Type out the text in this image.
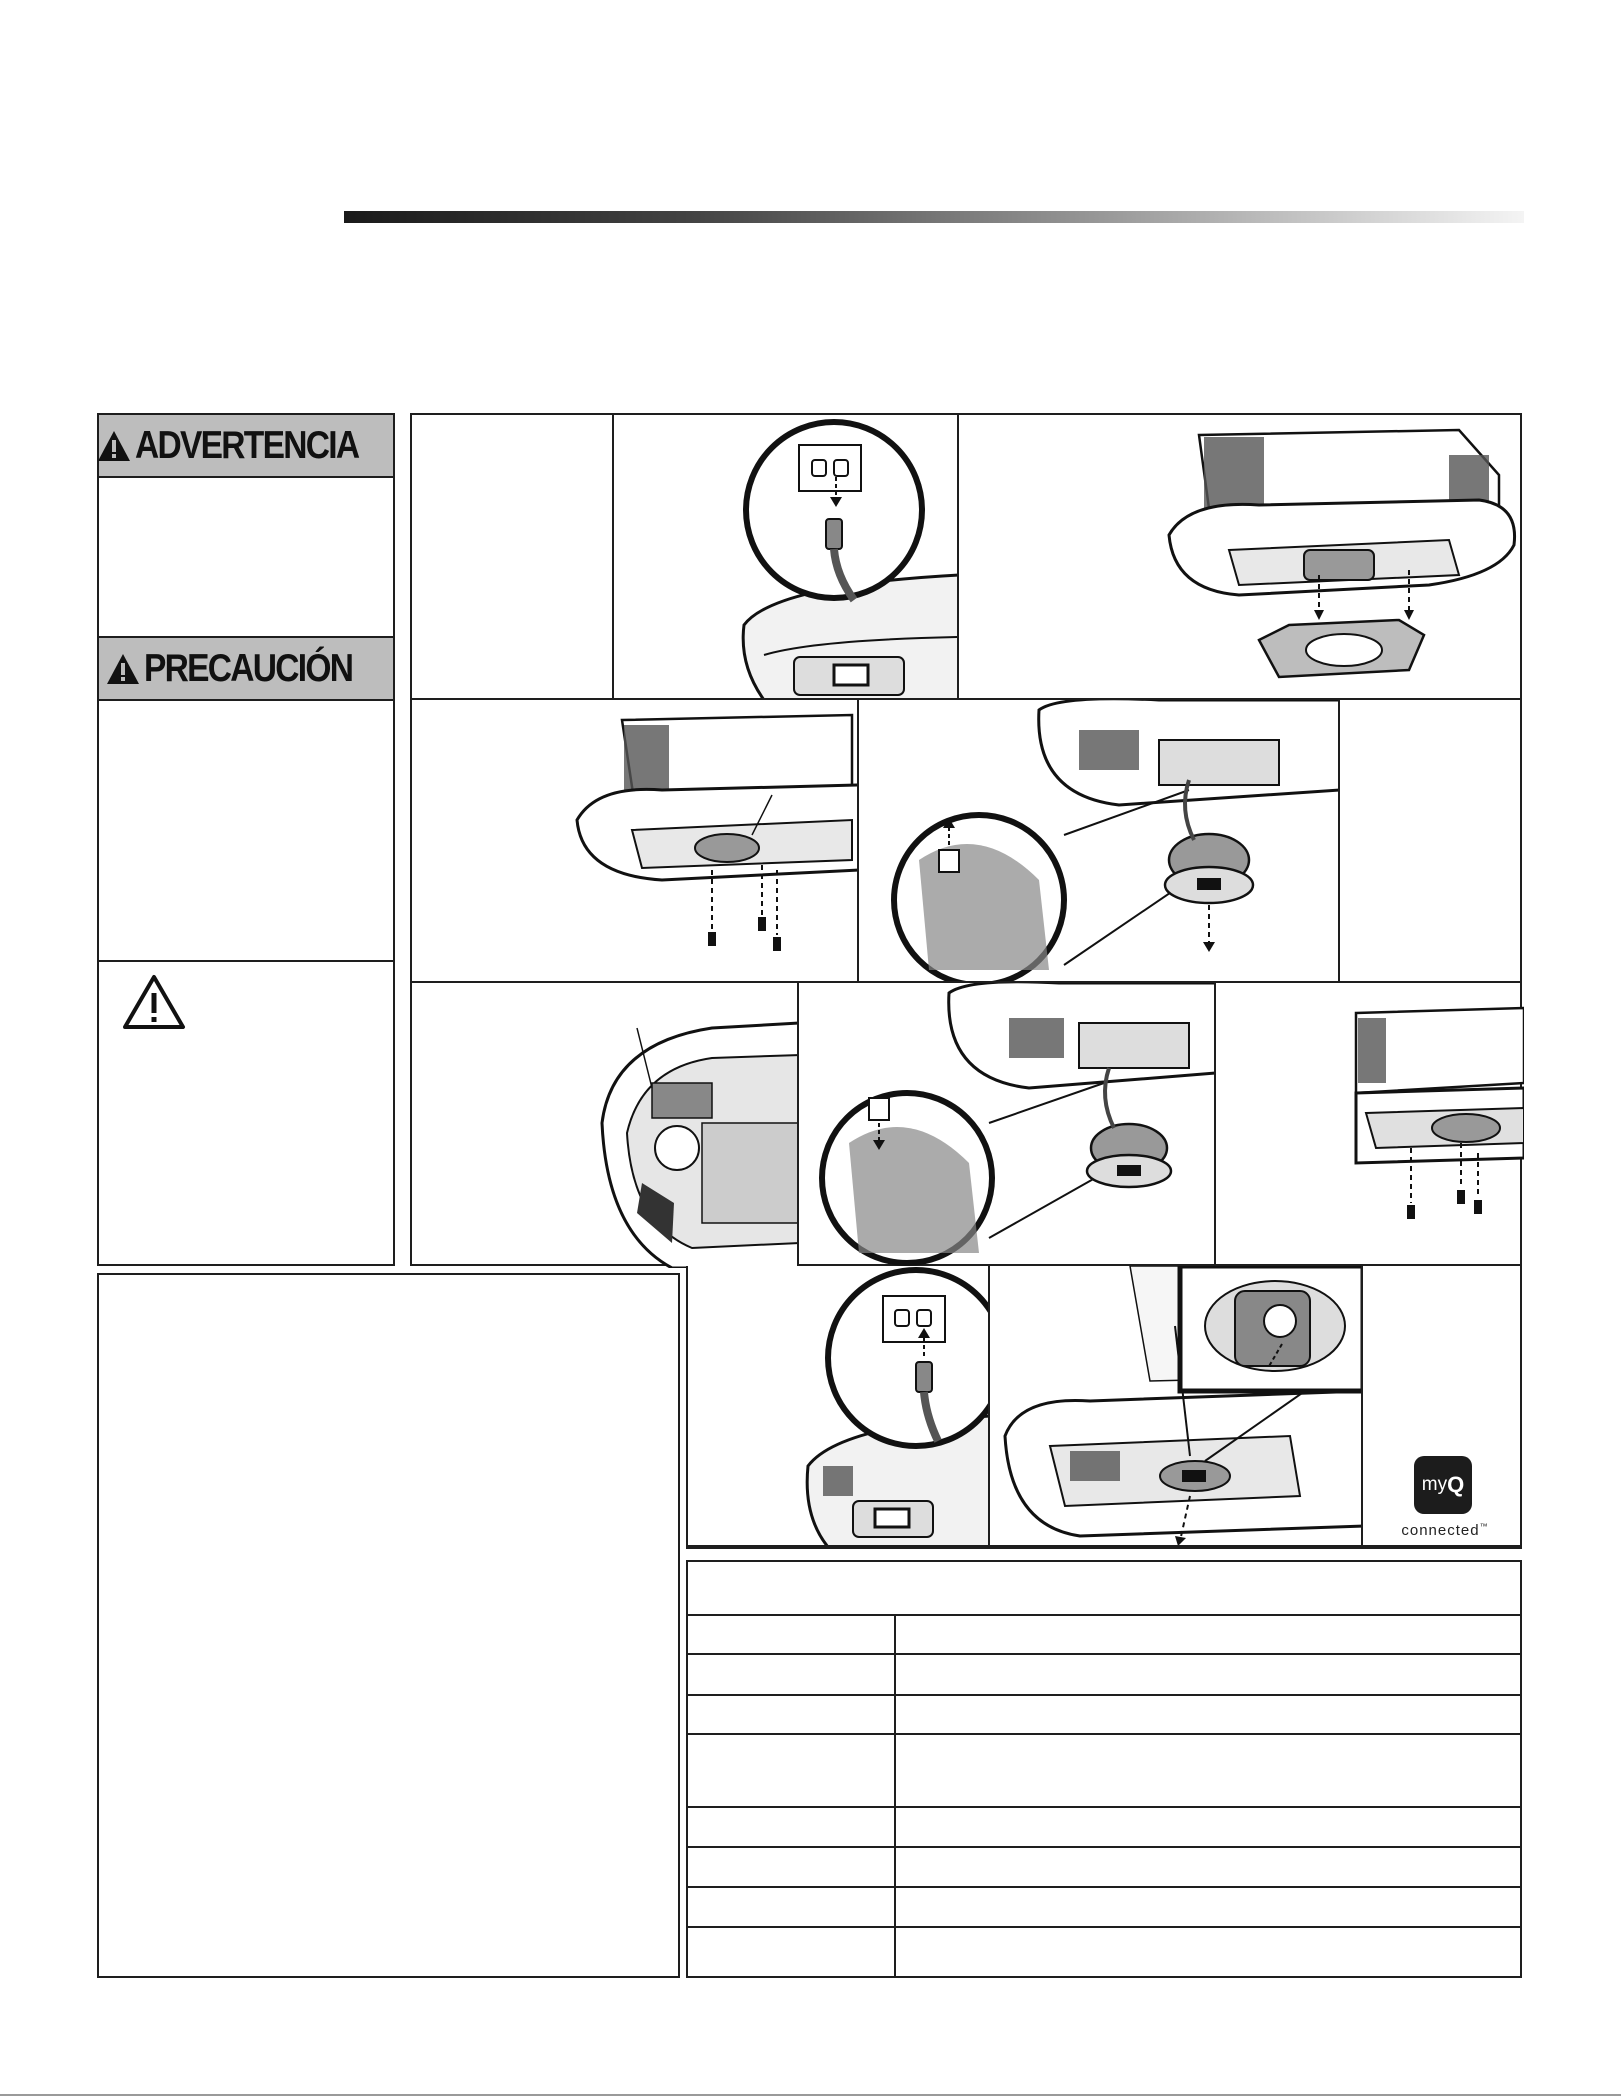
ADVERTENCIA
PRECAUCIÓN
my Q
connected™
